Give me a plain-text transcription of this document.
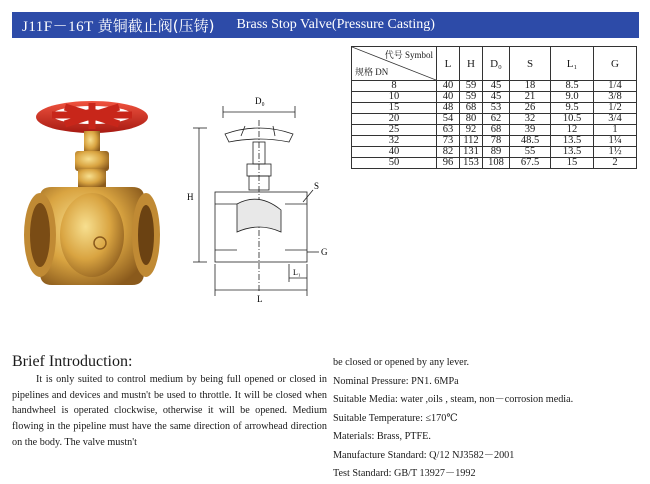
J11F－16T 黄铜截止阀(压铸) Brass Stop Valve(Pressure Casting)
D₀
H
S
G
L₁
L
代号 Symbol
规格 DN	L	H	D₀	S	L₁	G
8	40	59	45	18	8.5	1/4
10	40	59	45	21	9.0	3/8
15	48	68	53	26	9.5	1/2
20	54	80	62	32	10.5	3/4
25	63	92	68	39	12	1
32	73	112	78	48.5	13.5	1¼
40	82	131	89	55	13.5	1½
50	96	153	108	67.5	15	2
Brief Introduction:
It is only suited to control medium by being full opened or closed in pipelines and devices and mustn't be used to throttle. It will be closed when handwheel is operated clockwise, otherwise it will be opened. Medium flowing in the pipeline must have the same direction of arrowhead direction on the body. The valve mustn't
be closed or opened by any lever.
Nominal Pressure: PN1. 6MPa
Suitable Media: water ,oils , steam, non－corrosion media.
Suitable Temperature: ≤170℃
Materials: Brass, PTFE.
Manufacture Standard: Q/12 NJ3582－2001
Test Standard: GB/T 13927－1992
